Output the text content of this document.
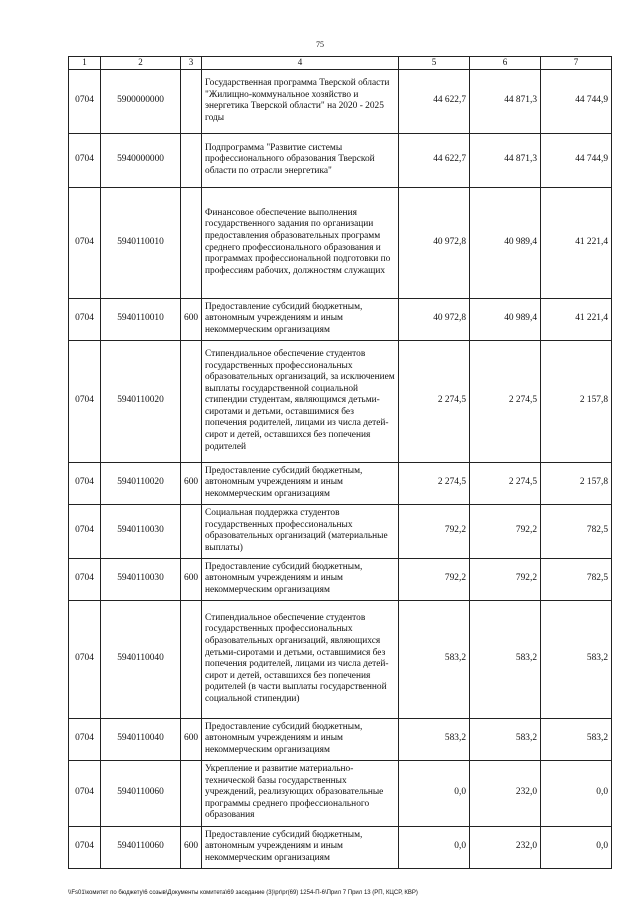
75
1	2	3	4	5	6	7
0704	5900000000		Государственная программа Тверской области "Жилищно-коммунальное хозяйство и энергетика Тверской области" на 2020 - 2025 годы	44 622,7	44 871,3	44 744,9
0704	5940000000		Подпрограмма "Развитие системы профессионального образования Тверской области по отрасли энергетика"	44 622,7	44 871,3	44 744,9
0704	5940110010		Финансовое обеспечение выполнения государственного задания по организации предоставления образовательных программ среднего профессионального образования и программах профессиональной подготовки по профессиям рабочих, должностям служащих	40 972,8	40 989,4	41 221,4
0704	5940110010	600	Предоставление субсидий бюджетным, автономным учреждениям и иным некоммерческим организациям	40 972,8	40 989,4	41 221,4
0704	5940110020		Стипендиальное обеспечение студентов государственных профессиональных образовательных организаций, за исключением выплаты государственной социальной стипендии студентам, являющимся детьми-сиротами и детьми, оставшимися без попечения родителей, лицами из числа детей-сирот и детей, оставшихся без попечения родителей	2 274,5	2 274,5	2 157,8
0704	5940110020	600	Предоставление субсидий бюджетным, автономным учреждениям и иным некоммерческим организациям	2 274,5	2 274,5	2 157,8
0704	5940110030		Социальная поддержка студентов государственных профессиональных образовательных организаций (материальные выплаты)	792,2	792,2	782,5
0704	5940110030	600	Предоставление субсидий бюджетным, автономным учреждениям и иным некоммерческим организациям	792,2	792,2	782,5
0704	5940110040		Стипендиальное обеспечение студентов государственных профессиональных образовательных организаций, являющихся детьми-сиротами и детьми, оставшимися без попечения родителей, лицами из числа детей-сирот и детей, оставшихся без попечения родителей (в части выплаты государственной социальной стипендии)	583,2	583,2	583,2
0704	5940110040	600	Предоставление субсидий бюджетным, автономным учреждениям и иным некоммерческим организациям	583,2	583,2	583,2
0704	5940110060		Укрепление и развитие материально-технической базы государственных учреждений, реализующих образовательные программы среднего профессионального образования	0,0	232,0	0,0
0704	5940110060	600	Предоставление субсидий бюджетным, автономным учреждениям и иным некоммерческим организациям	0,0	232,0	0,0
\\Fs01\комитет по бюджету\6 созыв\Документы комитета\69 заседание (3)\pr\pr(69) 1254-П-6\Прил 7 Прил 13 (РП, КЦСР, КВР)
